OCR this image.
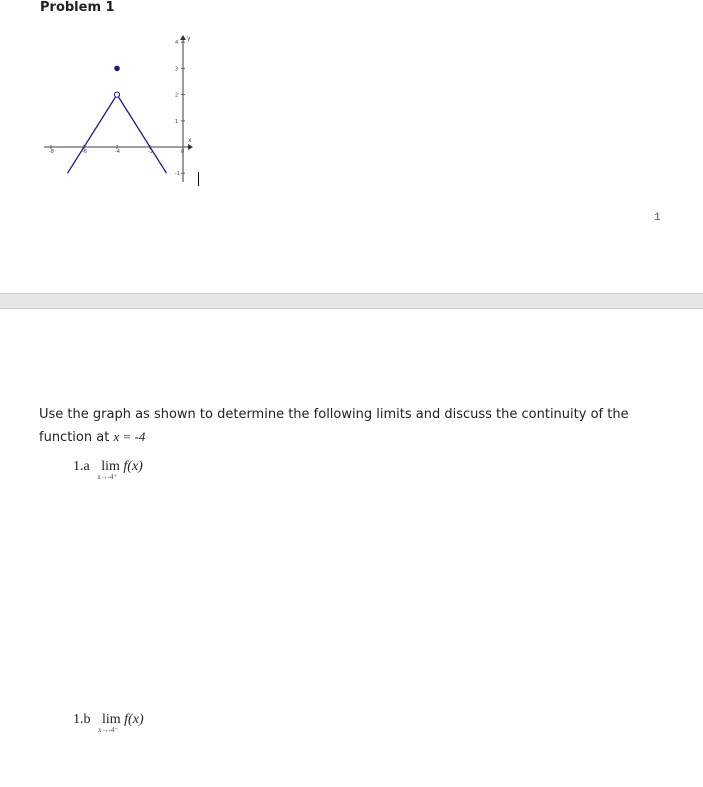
Problem 1
x
y
-8	-6	-4	-2	0
4
3
2
1
-1
1
Use the graph as shown to determine the following limits and discuss the continuity of the function at x = -4
1.a lim
x→-4⁺
f(x)
1.b lim
x→-4⁻
f(x)
